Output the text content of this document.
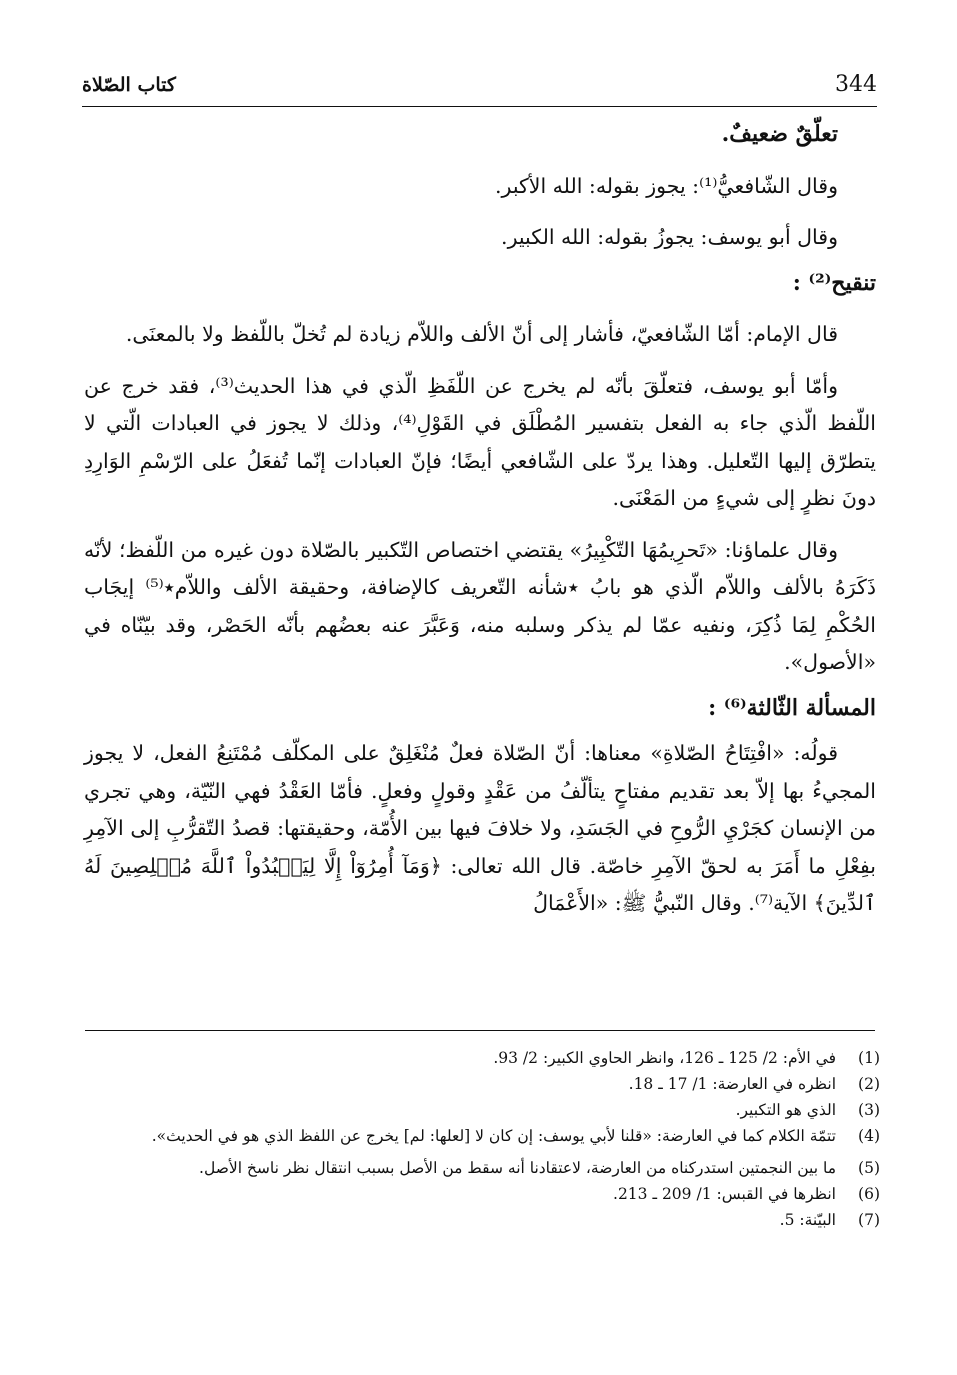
344
كتاب الصّلاة

تعلّقٌ ضعيفٌ.

وقال الشّافعيُّ⁽¹⁾: يجوز بقوله: الله الأكبر.

وقال أبو يوسف: يجوزُ بقوله: الله الكبير.

تنقيح⁽²⁾ :

قال الإمام: أمّا الشّافعيّ، فأشار إلى أنّ الألف واللاّم زيادة لم تُخلّ باللّفظ ولا بالمعنَى.

وأمّا أبو يوسف، فتعلّقَ بأنّه لم يخرج عن اللّفَظِ الّذي في هذا الحديث⁽³⁾، فقد خرج عن اللّفظ الّذي جاء به الفعل بتفسير المُطْلَق في القَوْلِ⁽⁴⁾، وذلك لا يجوز في العبادات الّتي لا يتطرّق إليها التّعليل. وهذا يردّ على الشّافعي أيضًا؛ فإنّ العبادات إنّما تُفعَلُ على الرّسْمِ الوَارِدِ دونَ نظرٍ إلى شيءٍ من المَعْنَى.

وقال علماؤنا: «تَحرِيمُهَا التّكْبِيرُ» يقتضي اختصاص التّكبير بالصّلاة دون غيره من اللّفظ؛ لأنّه ذَكَرَهُ بالألف واللاّم الّذي هو بابُ ٭شأنه التّعريف كالإضافة، وحقيقة الألف واللاّم٭⁽⁵⁾ إيجَاب الحُكْمِ لِمَا ذُكِرَ، ونفيه عمّا لم يذكر وسلبه منه، وَعَبَّرَ عنه بعضُهم بأنّه الحَصْر، وقد بيّنّاه في «الأصول».

المسألة الثّالثة⁽⁶⁾ :

قولُه: «افْتِتَاحُ الصّلاةِ» معناها: أنّ الصّلاة فعلٌ مُنْغَلِقٌ على المكلّف مُمْتَنِعُ الفعل، لا يجوز المجيءُ بها إلاّ بعد تقديم مفتاحٍ يتألّفُ من عَقْدٍ وقولٍ وفعلٍ. فأمّا العَقْدُ فهي النّيّة، وهي تجري من الإنسان كجَرْيِ الرُّوحِ في الجَسَدِ، ولا خلافَ فيها بين الأُمّة، وحقيقتها: قصدُ التّقرُّبِ إلى الآمِرِ بفِعْلِ ما أَمَرَ به لحقّ الآمِرِ خاصّة. قال الله تعالى: ﴿وَمَآ أُمِرُوٓاْ إِلَّا لِيَعۡبُدُواْ ٱللَّهَ مُخۡلِصِينَ لَهُ ٱلدِّينَ﴾ الآية⁽⁷⁾. وقال النّبيُّ ﷺ: «الأَعْمَالُ

(1)
في الأم: 2/ 125 ـ 126، وانظر الحاوي الكبير: 2/ 93.
(2)
انظره في العارضة: 1/ 17 ـ 18.
(3)
الذي هو التكبير.
(4)
تتمّة الكلام كما في العارضة: «قلنا لأبي يوسف: إن كان لا [لعلها: لم] يخرج عن اللفظ الذي هو في الحديث».
(5)
ما بين النجمتين استدركناه من العارضة، لاعتقادنا أنه سقط من الأصل بسبب انتقال نظر ناسخ الأصل.
(6)
انظرها في القبس: 1/ 209 ـ 213.
(7)
البيّنة: 5.
